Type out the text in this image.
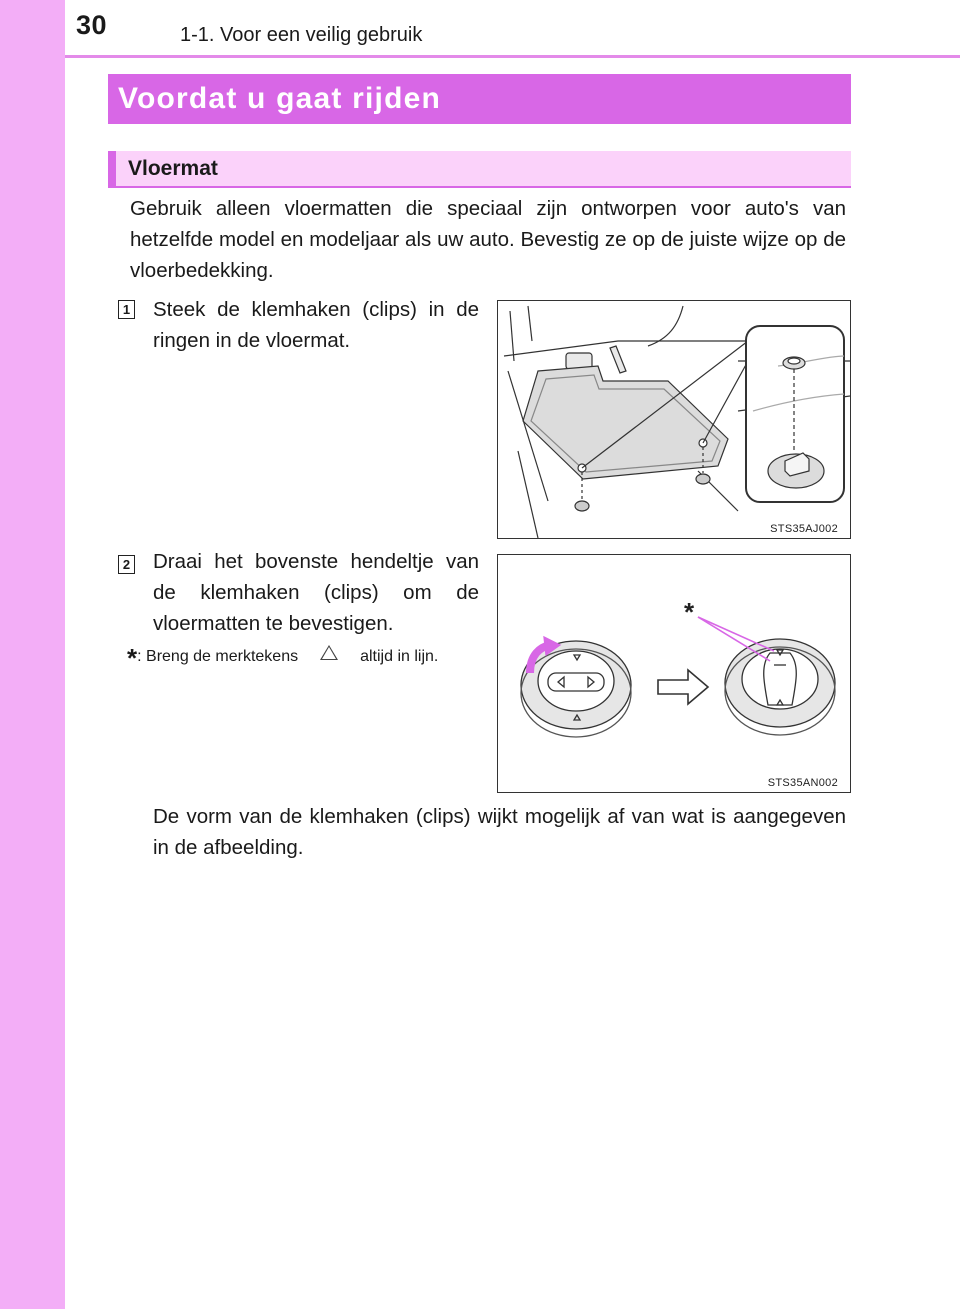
30	1-1. Voor een veilig gebruik
Voordat u gaat rijden
Vloermat
Gebruik alleen vloermatten die speciaal zijn ontworpen voor auto's van hetzelfde model en modeljaar als uw auto. Bevestig ze op de juiste wijze op de vloerbedekking.
1 Steek de klemhaken (clips) in de ringen in de vloermat.
STS35AJ002
2 Draai het bovenste hendeltje van de klemhaken (clips) om de vloermatten te bevestigen.
*: Breng de merktekens	altijd in lijn.
*
STS35AN002
De vorm van de klemhaken (clips) wijkt mogelijk af van wat is aangegeven in de afbeelding.
